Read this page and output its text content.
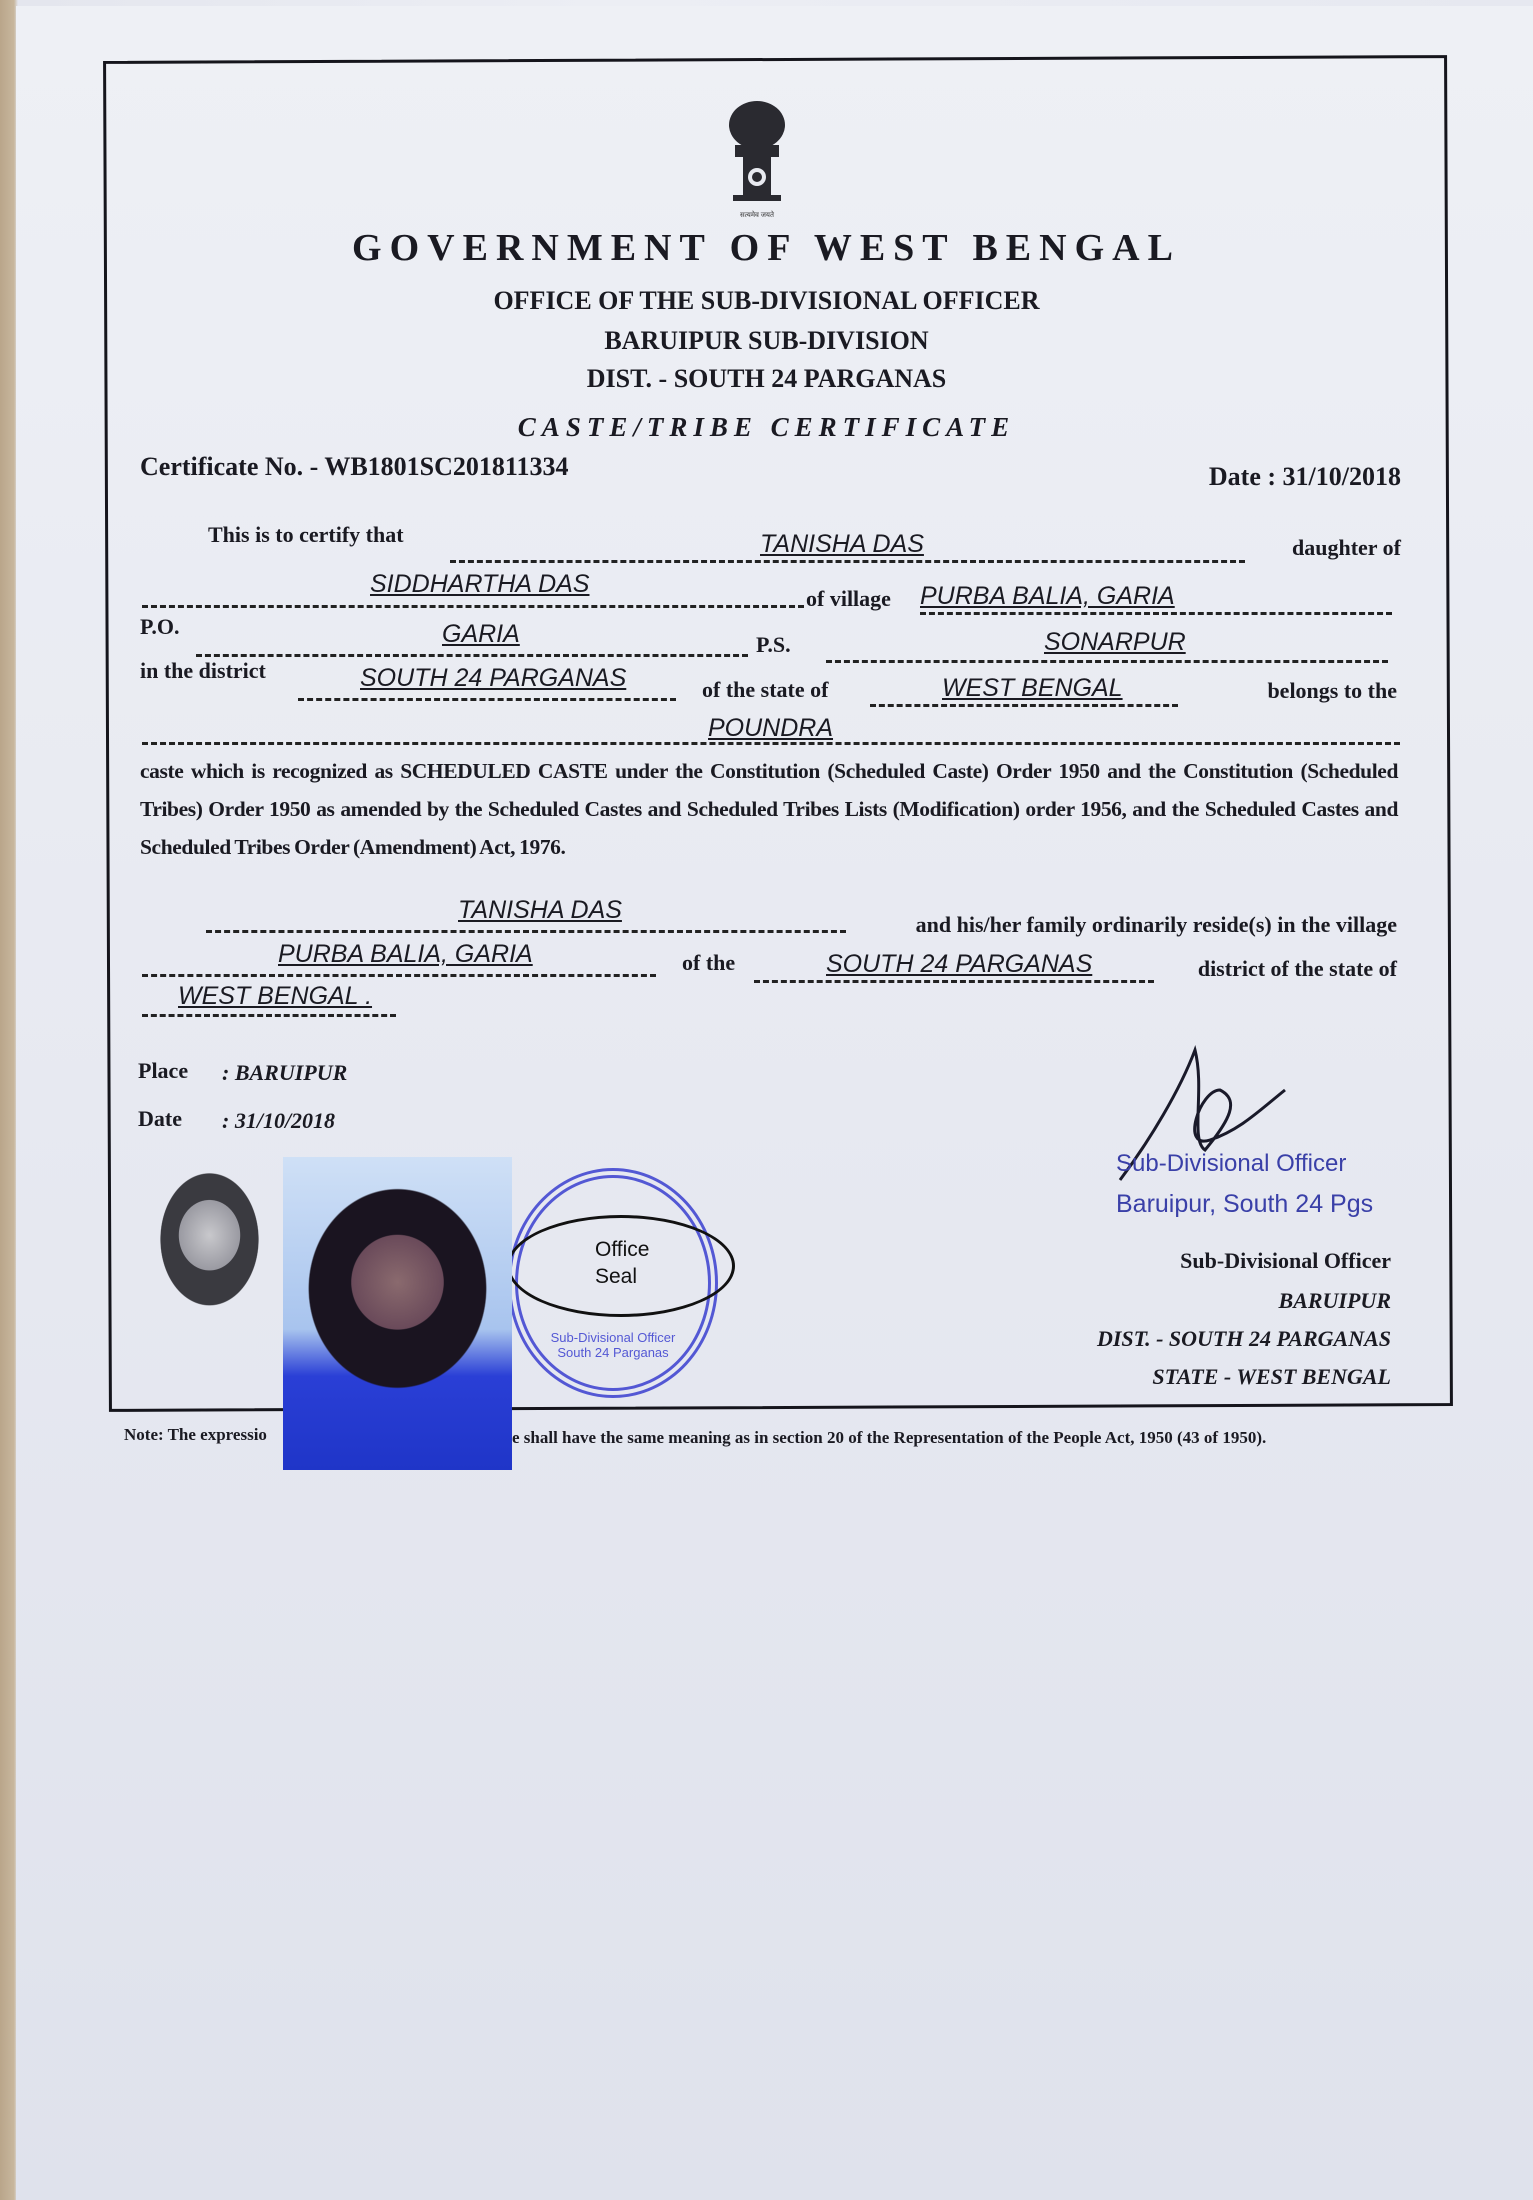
सत्यमेव जयते
GOVERNMENT OF WEST BENGAL
OFFICE OF THE SUB-DIVISIONAL OFFICER
BARUIPUR SUB-DIVISION
DIST. - SOUTH 24 PARGANAS
CASTE/TRIBE CERTIFICATE
Certificate No. - WB1801SC201811334	Date : 31/10/2018
This is to certify that	TANISHA DAS	daughter of
SIDDHARTHA DAS
of village PURBA BALIA, GARIA
P.O.	GARIA	P.S.	SONARPUR
in the district	SOUTH 24 PARGANAS	of the state of	WEST BENGAL	belongs to the
POUNDRA
caste which is recognized as SCHEDULED CASTE under the Constitution (Scheduled Caste) Order 1950 and the Constitution (Scheduled Tribes) Order 1950 as amended by the Scheduled Castes and Scheduled Tribes Lists (Modification) order 1956, and the Scheduled Castes and Scheduled Tribes Order (Amendment) Act, 1976.
TANISHA DAS
and his/her family ordinarily reside(s) in the village
PURBA BALIA, GARIA	of the	SOUTH 24 PARGANAS	district of the state of
WEST BENGAL .
Place : BARUIPUR
Date : 31/10/2018
Sub-Divisional Officer
Baruipur, South 24 Pgs
Sub-Divisional Officer
BARUIPUR
DIST. - SOUTH 24 PARGANAS
STATE - WEST BENGAL
Sub-Divisional Officer South 24 Parganas
Office Seal
Note: The expressio	e shall have the same meaning as in section 20 of the Representation of the People Act, 1950 (43 of 1950).
